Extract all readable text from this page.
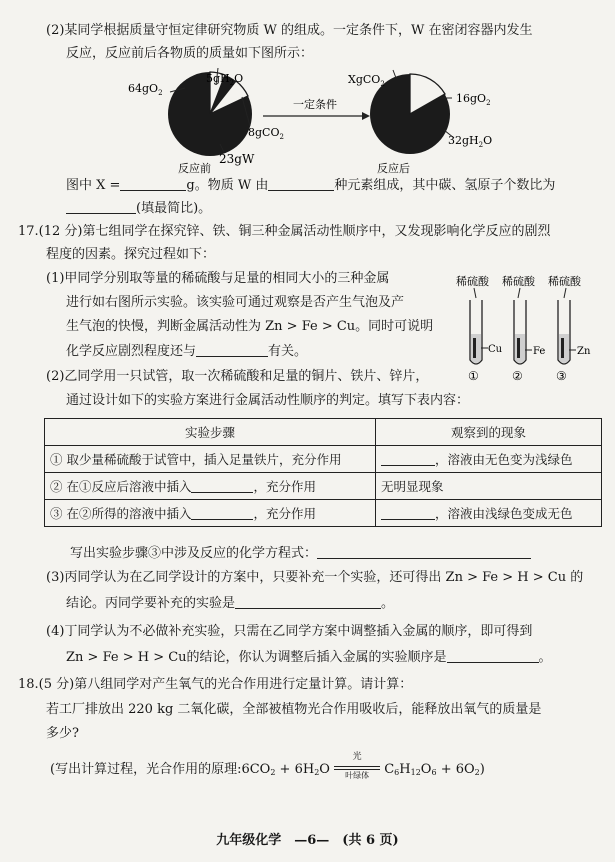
(2)某同学根据质量守恒定律研究物质 W 的组成。一定条件下，W 在密闭容器内发生
反应，反应前后各物质的质量如下图所示：
$64gO_2$
$5gH_2O$
8gCO$_2$
23gW
反应前
一定条件
XgCO$_2$
$16gO_2$
$32gH_2O$
反应后
图中 X =	g。物质 W 由	种元素组成，其中碳、氢原子个数比为
(填最简比)。
17.(12 分)第七组同学在探究锌、铁、铜三种金属活动性顺序中，又发现影响化学反应的剧烈
程度的因素。探究过程如下：
(1)甲同学分别取等量的稀硫酸与足量的相同大小的三种金属
进行如右图所示实验。该实验可通过观察是否产生气泡及产
生气泡的快慢，判断金属活动性为 Zn > Fe > Cu。同时可说明
化学反应剧烈程度还与	有关。
稀硫酸 稀硫酸 稀硫酸
Cu
①
Fe
②
Zn
③
(2)乙同学用一只试管，取一次稀硫酸和足量的铜片、铁片、锌片，
通过设计如下的实验方案进行金属活动性顺序的判定。填写下表内容：
实验步骤	观察到的现象
① 取少量稀硫酸于试管中，插入足量铁片，充分作用	，溶液由无色变为浅绿色
② 在①反应后溶液中插入 ，充分作用	无明显现象
③ 在②所得的溶液中插入 ，充分作用	，溶液由浅绿色变成无色
写出实验步骤③中涉及反应的化学方程式：
(3)丙同学认为在乙同学设计的方案中，只要补充一个实验，还可得出 Zn > Fe > H > Cu 的
结论。丙同学要补充的实验是	。
(4)丁同学认为不必做补充实验，只需在乙同学方案中调整插入金属的顺序，即可得到
Zn > Fe > H > Cu的结论，你认为调整后插入金属的实验顺序是	。
18.(5 分)第八组同学对产生氧气的光合作用进行定量计算。请计算：
若工厂排放出 220 kg 二氧化碳，全部被植物光合作用吸收后，能释放出氧气的质量是
多少?
(写出计算过程，光合作用的原理$:6CO_2 + 6H_2O$
光
叶绿体	$C_6H_{12}O_6 + 6O_2$)
九年级化学　—6—　(共 6 页)
